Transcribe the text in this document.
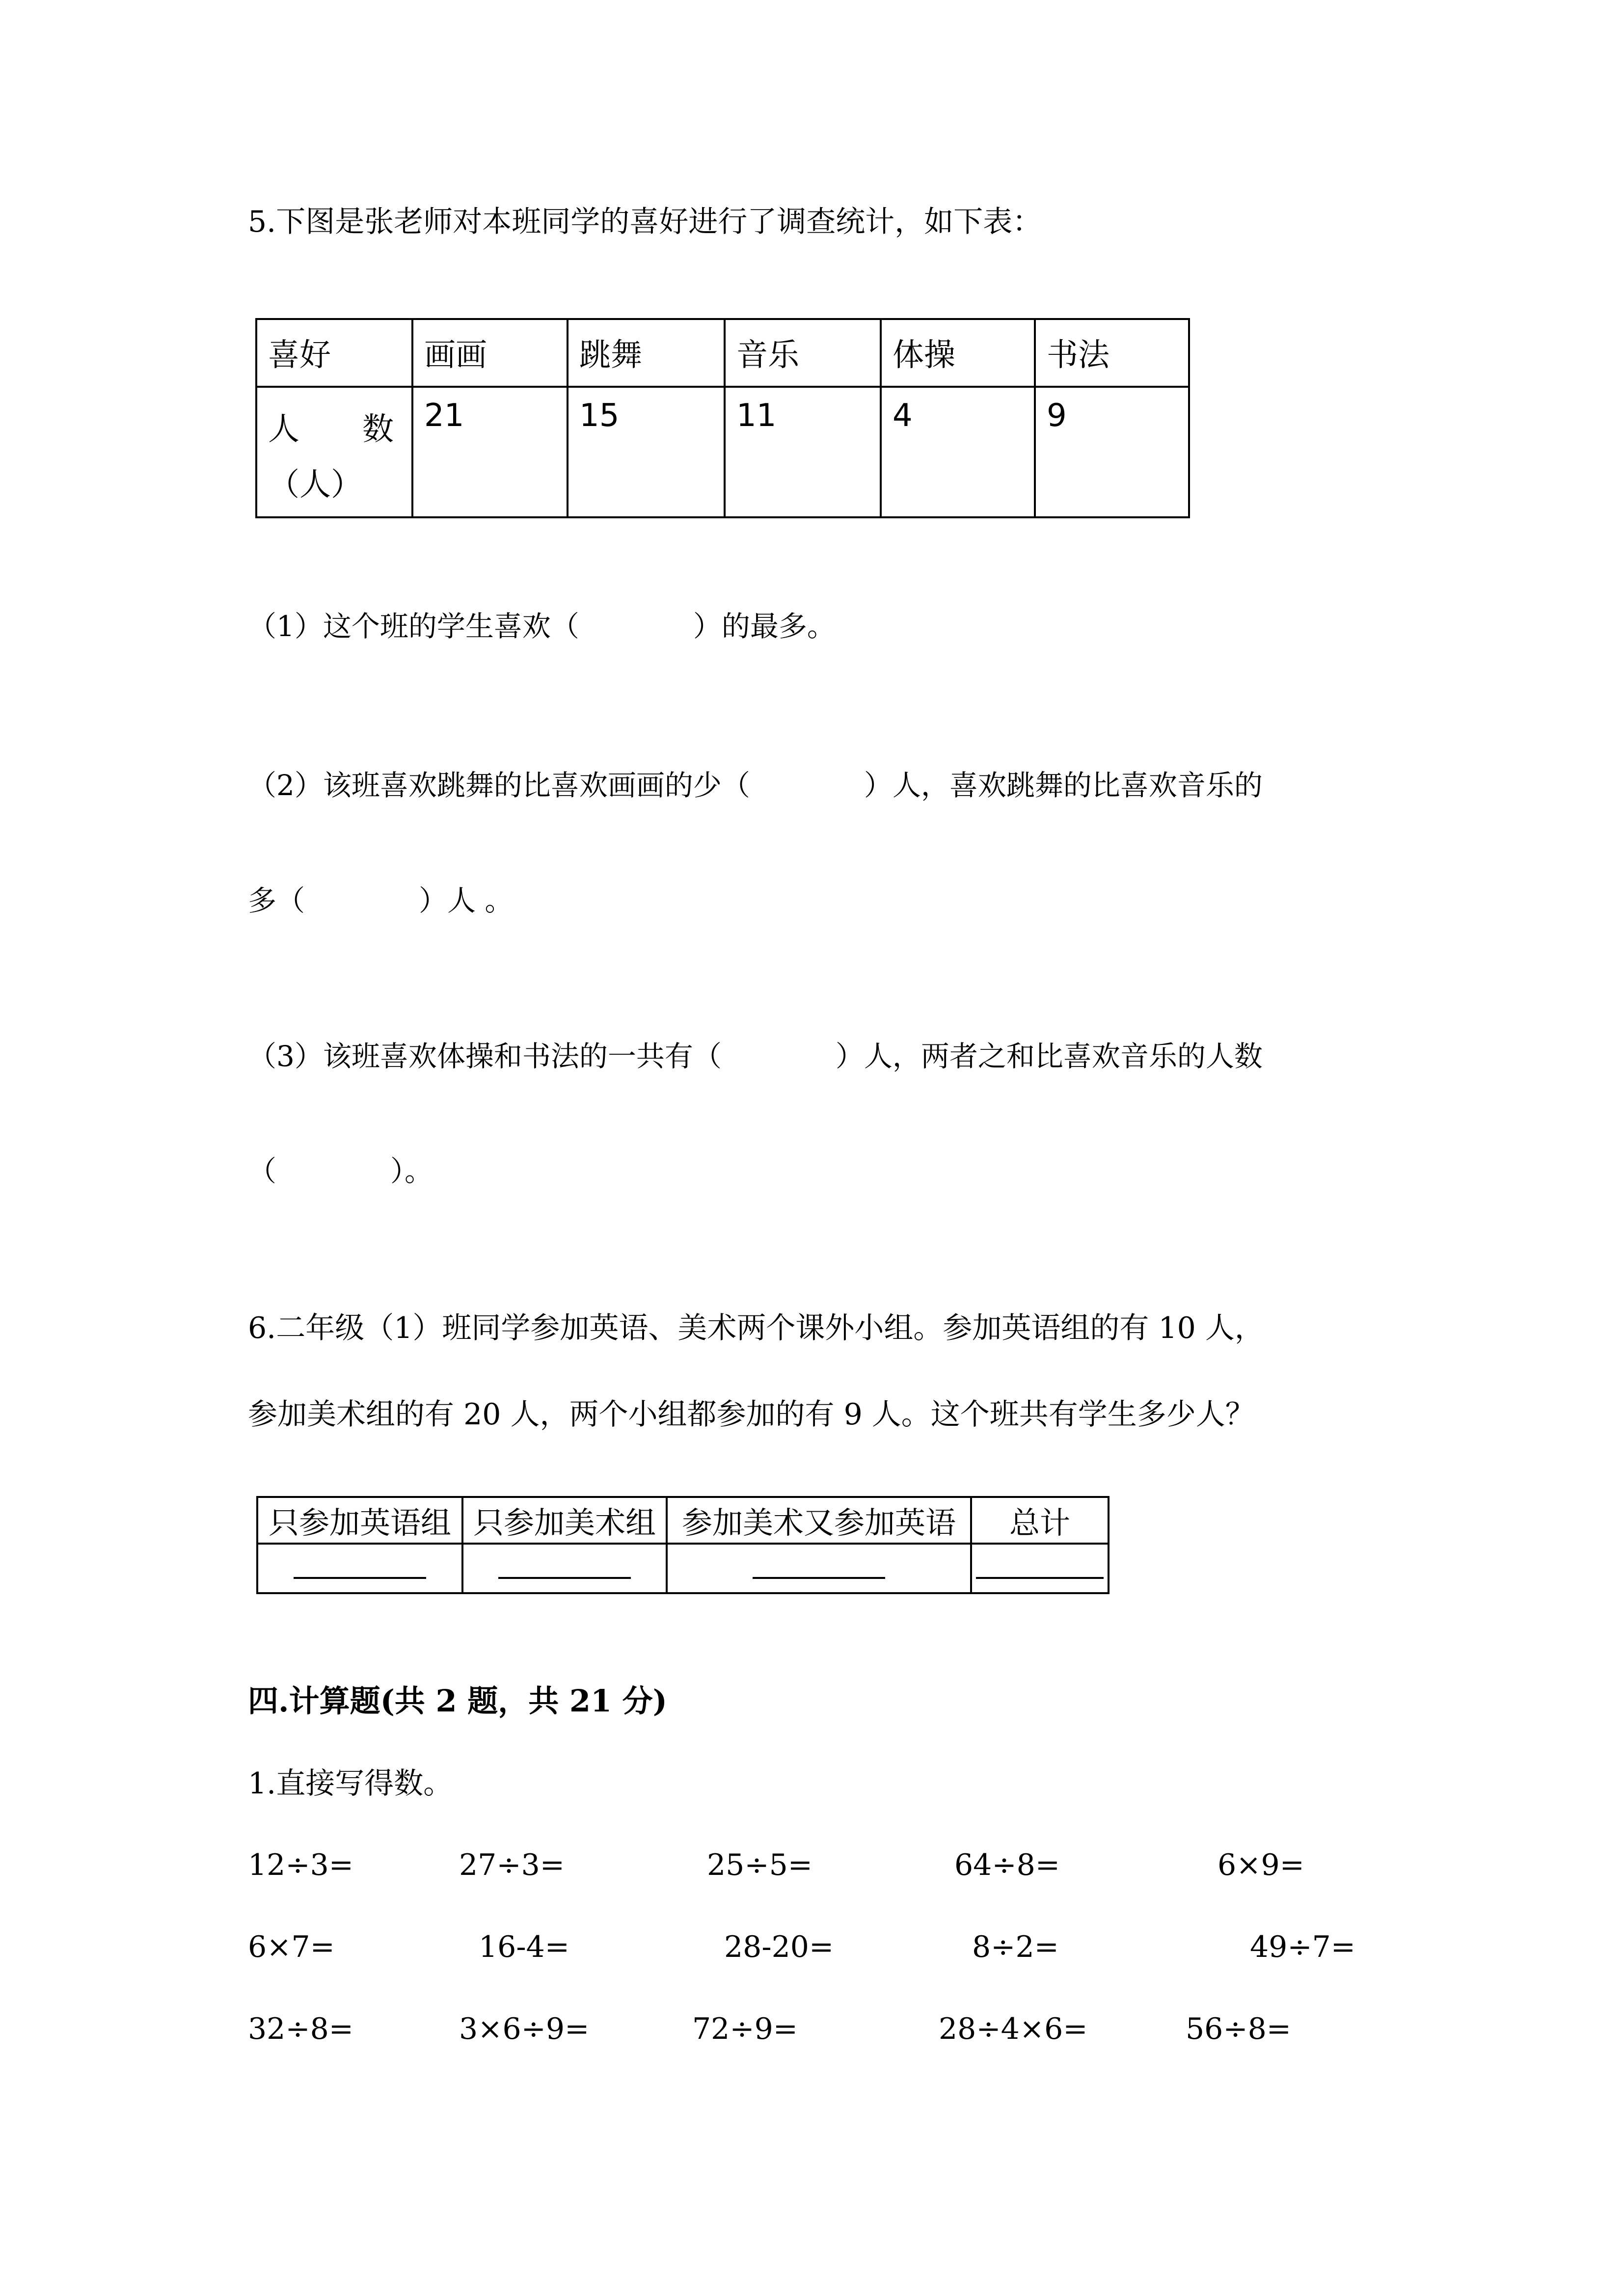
5.下图是张老师对本班同学的喜好进行了调查统计，如下表：
喜好	画画	跳舞	音乐	体操	书法

人　　数
（人）	21	15	11	4	9
（1）这个班的学生喜欢（　　　　）的最多。
（2）该班喜欢跳舞的比喜欢画画的少（　　　　）人，喜欢跳舞的比喜欢音乐的
多（　　　　）人 。
（3）该班喜欢体操和书法的一共有（　　　　）人，两者之和比喜欢音乐的人数
（　　　　）。
6.二年级（1）班同学参加英语、美术两个课外小组。参加英语组的有 10 人，
参加美术组的有 20 人，两个小组都参加的有 9 人。这个班共有学生多少人？
只参加英语组	只参加美术组	参加美术又参加英语	总计

四.计算题(共 2 题，共 21 分)
1.直接写得数。
12÷3=	27÷3=	25÷5=	64÷8=	6×9=
6×7=	16-4=	28-20=	8÷2=	49÷7=
32÷8=	3×6÷9=	72÷9=	28÷4×6=	56÷8=
